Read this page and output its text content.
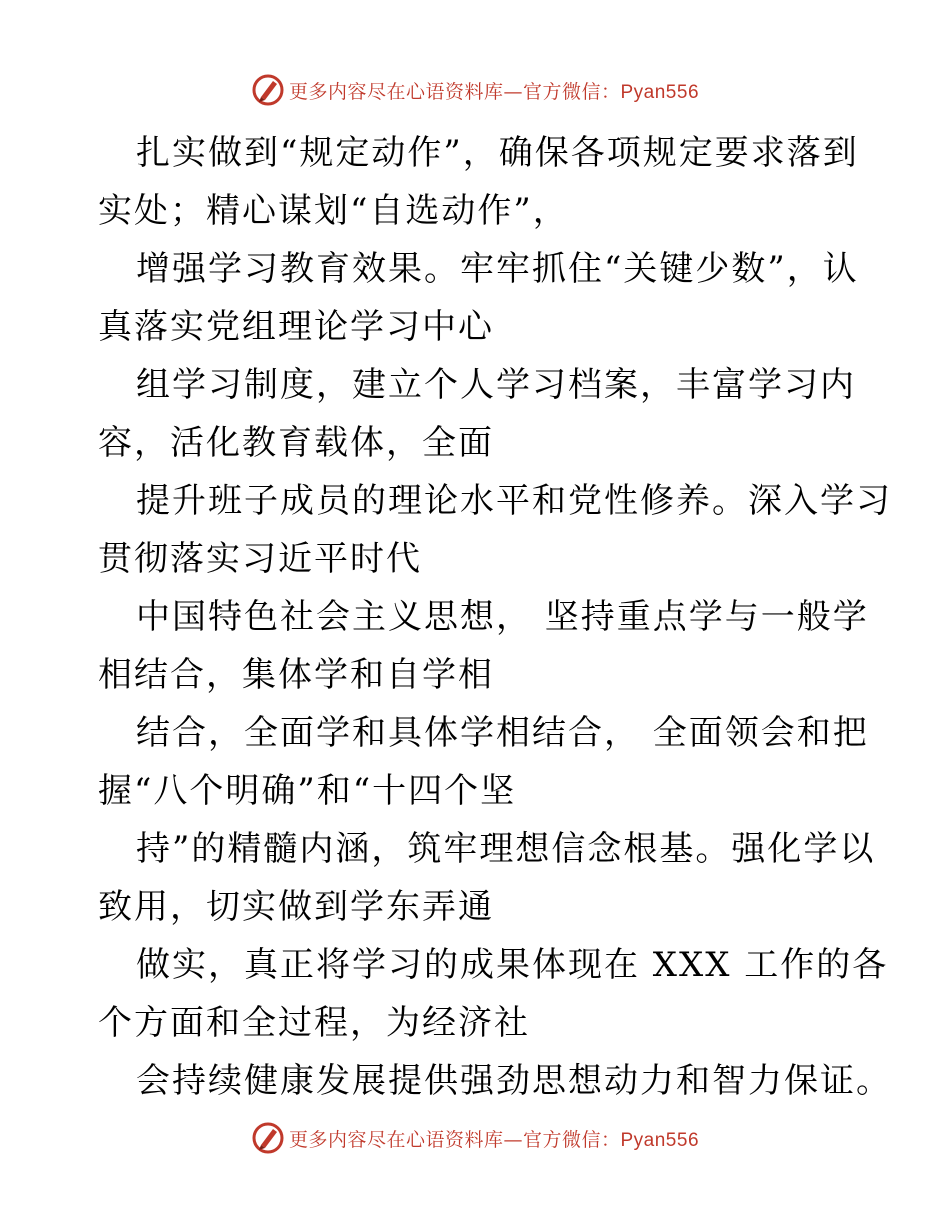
更多内容尽在心语资料库—官方微信：Pyan556
扎实做到“规定动作”，确保各项规定要求落到
实处；精心谋划“自选动作”，
增强学习教育效果。牢牢抓住“关键少数”，认
真落实党组理论学习中心
组学习制度，建立个人学习档案，丰富学习内
容，活化教育载体，全面
提升班子成员的理论水平和党性修养。深入学习
贯彻落实习近平时代
中国特色社会主义思想， 坚持重点学与一般学
相结合，集体学和自学相
结合，全面学和具体学相结合， 全面领会和把
握“八个明确”和“十四个坚
持”的精髓内涵，筑牢理想信念根基。强化学以
致用，切实做到学东弄通
做实，真正将学习的成果体现在 XXX 工作的各
个方面和全过程，为经济社
会持续健康发展提供强劲思想动力和智力保证。
更多内容尽在心语资料库—官方微信：Pyan556
